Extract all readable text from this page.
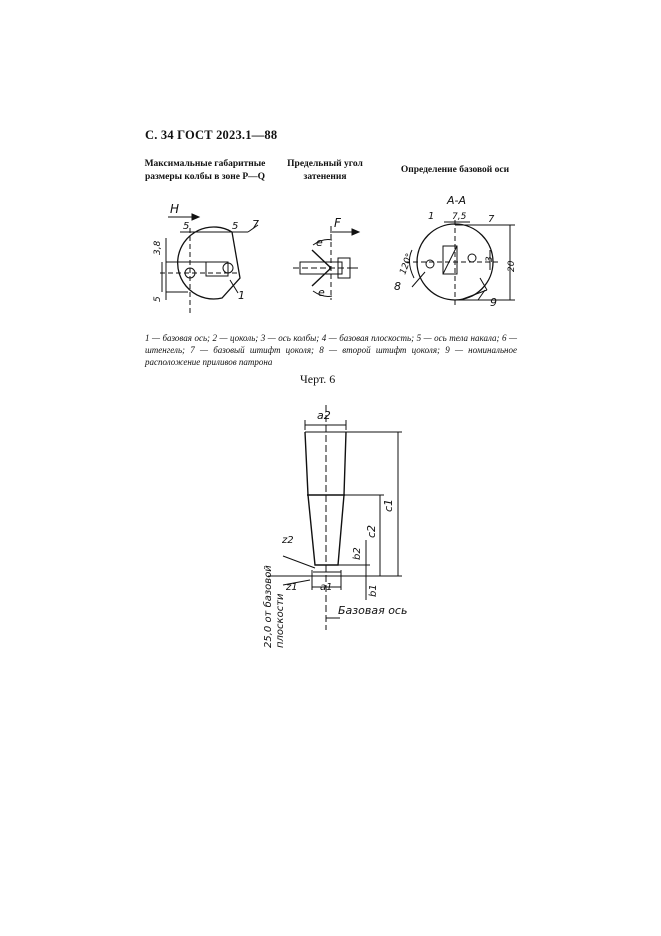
С. 34 ГОСТ 2023.1—88
Максимальные габаритные
размеры колбы в зоне P—Q
Предельный угол
затенения
Определение базовой оси
H
5	5 7
1
3,8
5
F
e
e
A-A
7,5
1	7
3
20
120°
8
9
1 — базовая ось; 2 — цоколь; 3 — ось колбы; 4 — базовая плоскость; 5 — ось тела накала; 6 — штенгель; 7 — базовый штифт цоколя; 8 — второй штифт цоколя; 9 — номинальное расположение приливов патрона
Черт. 6
a2
c1
c2
b2
z2
z1 a1	b1
Базовая ось
25,0 от базовой плоскости
